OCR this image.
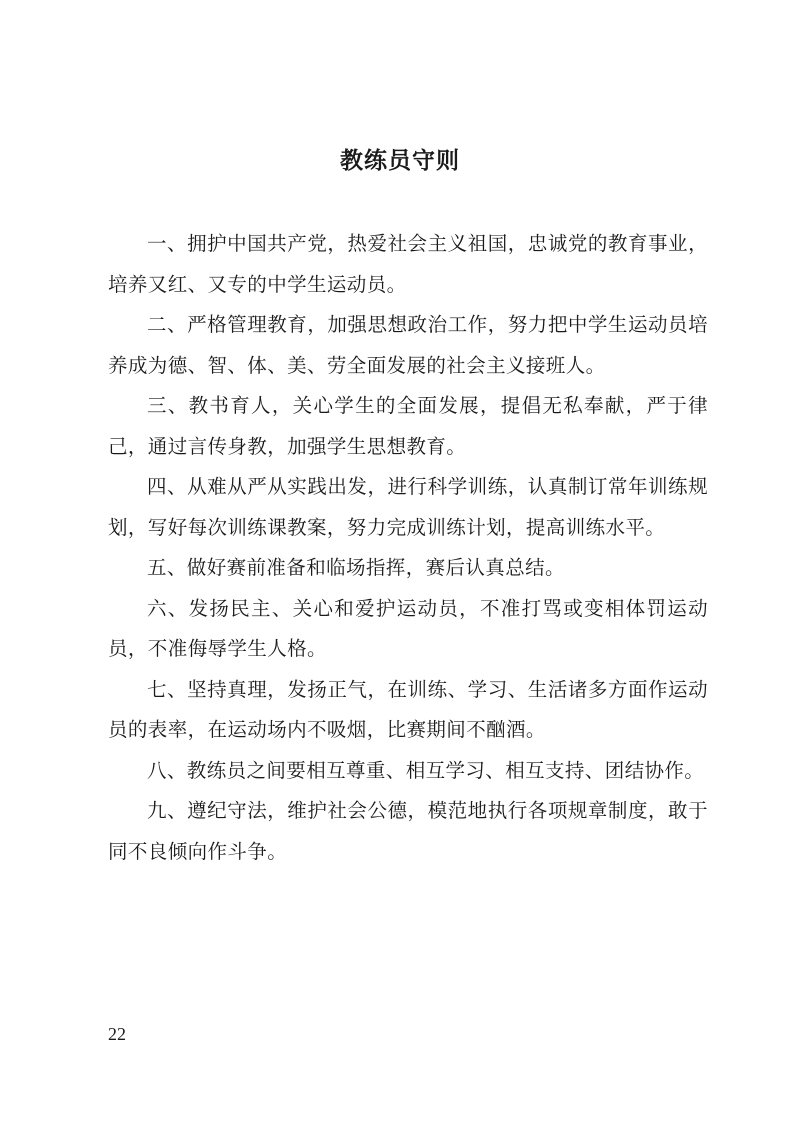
教练员守则

一、拥护中国共产党，热爱社会主义祖国，忠诚党的教育事业，培养又红、又专的中学生运动员。

二、严格管理教育，加强思想政治工作，努力把中学生运动员培养成为德、智、体、美、劳全面发展的社会主义接班人。

三、教书育人，关心学生的全面发展，提倡无私奉献，严于律己，通过言传身教，加强学生思想教育。

四、从难从严从实践出发，进行科学训练，认真制订常年训练规划，写好每次训练课教案，努力完成训练计划，提高训练水平。

五、做好赛前准备和临场指挥，赛后认真总结。

六、发扬民主、关心和爱护运动员，不准打骂或变相体罚运动员，不准侮辱学生人格。

七、坚持真理，发扬正气，在训练、学习、生活诸多方面作运动员的表率，在运动场内不吸烟，比赛期间不酗酒。

八、教练员之间要相互尊重、相互学习、相互支持、团结协作。

九、遵纪守法，维护社会公德，模范地执行各项规章制度，敢于同不良倾向作斗争。

22
